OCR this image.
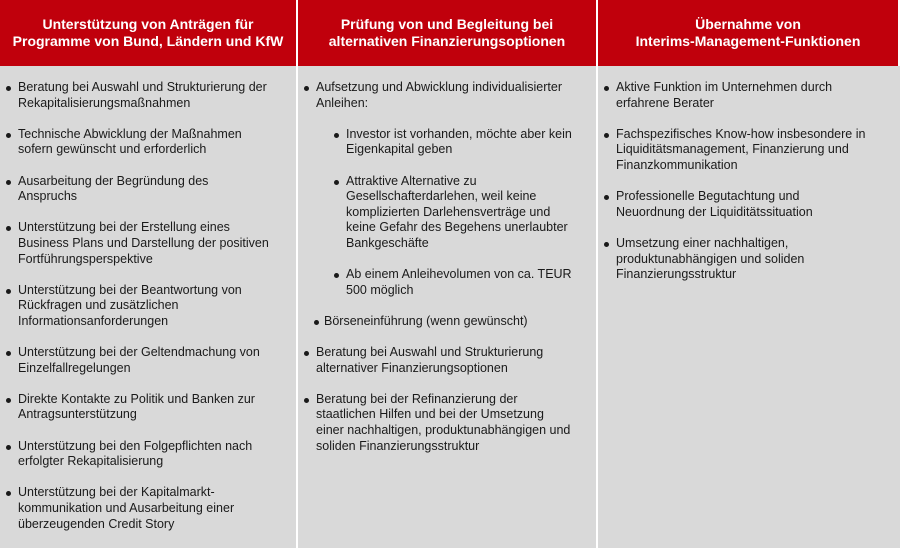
Unterstützung von Anträgen für
Programme von Bund, Ländern und KfW
Prüfung von und Begleitung bei
alternativen Finanzierungsoptionen
Übernahme von
Interims-Management-Funktionen
Beratung bei Auswahl und Strukturierung der
Rekapitalisierungsmaßnahmen
Technische Abwicklung der Maßnahmen
sofern gewünscht und erforderlich
Ausarbeitung der Begründung des
Anspruchs
Unterstützung bei der Erstellung eines
Business Plans und Darstellung der positiven
Fortführungsperspektive
Unterstützung bei der Beantwortung von
Rückfragen und zusätzlichen
Informationsanforderungen
Unterstützung bei der Geltendmachung von
Einzelfallregelungen
Direkte Kontakte zu Politik und Banken zur
Antragsunterstützung
Unterstützung bei den Folgepflichten nach
erfolgter Rekapitalisierung
Unterstützung bei der Kapitalmarkt-
kommunikation und Ausarbeitung einer
überzeugenden Credit Story
Aufsetzung und Abwicklung individualisierter
Anleihen:
Investor ist vorhanden, möchte aber kein
Eigenkapital geben
Attraktive Alternative zu
Gesellschafterdarlehen, weil keine
komplizierten Darlehensverträge und
keine Gefahr des Begehens unerlaubter
Bankgeschäfte
Ab einem Anleihevolumen von ca. TEUR
500 möglich
Börseneinführung (wenn gewünscht)
Beratung bei Auswahl und Strukturierung
alternativer Finanzierungsoptionen
Beratung bei der Refinanzierung der
staatlichen Hilfen und bei der Umsetzung
einer nachhaltigen, produktunabhängigen und
soliden Finanzierungsstruktur
Aktive Funktion im Unternehmen durch
erfahrene Berater
Fachspezifisches Know-how insbesondere in
Liquiditätsmanagement, Finanzierung und
Finanzkommunikation
Professionelle Begutachtung und
Neuordnung der Liquiditätssituation
Umsetzung einer nachhaltigen,
produktunabhängigen und soliden
Finanzierungsstruktur
